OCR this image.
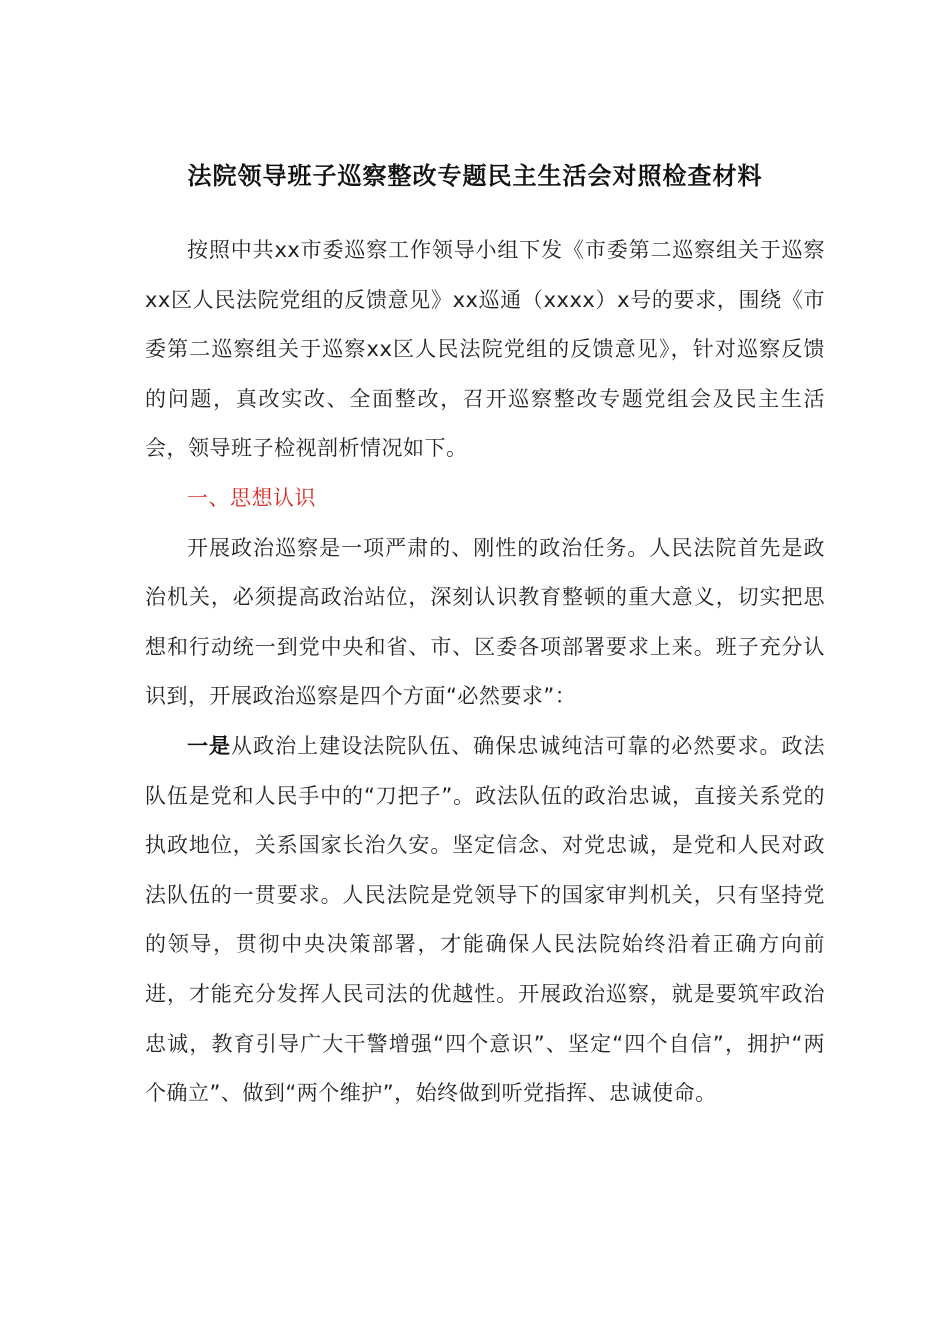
法院领导班子巡察整改专题民主生活会对照检查材料

按照中共xx市委巡察工作领导小组下发《市委第二巡察组关于巡察xx区人民法院党组的反馈意见》xx巡通（xxxx）x号的要求，围绕《市委第二巡察组关于巡察xx区人民法院党组的反馈意见》，针对巡察反馈的问题，真改实改、全面整改，召开巡察整改专题党组会及民主生活会，领导班子检视剖析情况如下。

一、思想认识

开展政治巡察是一项严肃的、刚性的政治任务。人民法院首先是政治机关，必须提高政治站位，深刻认识教育整顿的重大意义，切实把思想和行动统一到党中央和省、市、区委各项部署要求上来。班子充分认识到，开展政治巡察是四个方面“必然要求”：

一是从政治上建设法院队伍、确保忠诚纯洁可靠的必然要求。政法队伍是党和人民手中的“刀把子”。政法队伍的政治忠诚，直接关系党的执政地位，关系国家长治久安。坚定信念、对党忠诚，是党和人民对政法队伍的一贯要求。人民法院是党领导下的国家审判机关，只有坚持党的领导，贯彻中央决策部署，才能确保人民法院始终沿着正确方向前进，才能充分发挥人民司法的优越性。开展政治巡察，就是要筑牢政治忠诚，教育引导广大干警增强“四个意识”、坚定“四个自信”，拥护“两个确立”、做到“两个维护”，始终做到听党指挥、忠诚使命。
